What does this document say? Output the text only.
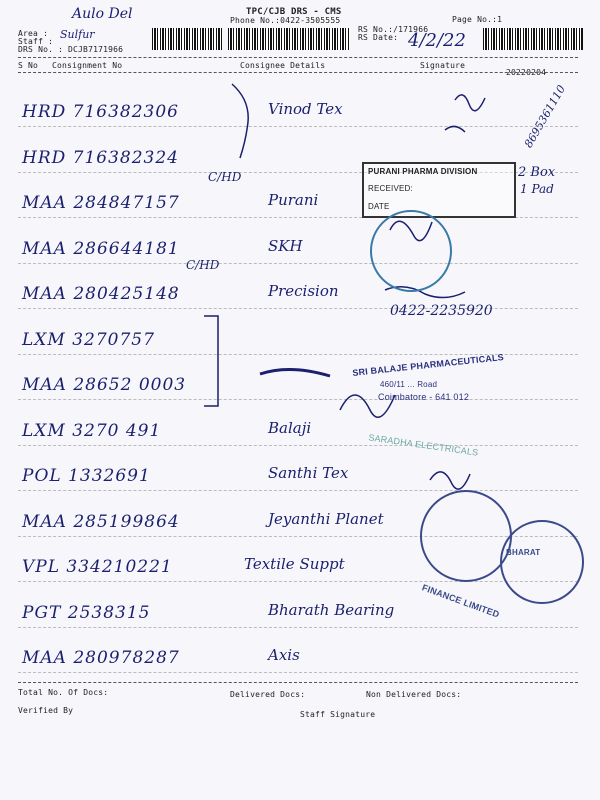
Area :
Staff :
DRS No. : DCJB7171966
Aulo Del
Sulfur
TPC/CJB DRS - CMS
Phone No.:0422-3505555
RS No.:/171966
RS Date: 4/2/22
Page No.:1
S No Consignment No	Consignee Details	Signature
20220204
HRD 716382306	Vinod Tex
HRD 716382324
MAA 284847157	Purani
MAA 286644181	SKH
MAA 280425148	Precision
LXM 3270757
MAA 28652 0003
LXM 3270 491	Balaji
POL 1332691	Santhi Tex
MAA 285199864	Jeyanthi Planet
VPL 334210221	Textile Suppt
PGT 2538315	Bharath Bearing
MAA 280978287	Axis
C/HD
C/HD
0422-2235920
8695361110
2 Box
1 Pad
PURANI PHARMA DIVISION
RECEIVED:
DATE
SRI BALAJE PHARMACEUTICALS
460/11 ... Road
Coimbatore - 641 012
SARADHA ELECTRICALS
BHARAT
FINANCE LIMITED
Total No. Of Docs:	Delivered Docs:	Non Delivered Docs:
Verified By	Staff Signature
